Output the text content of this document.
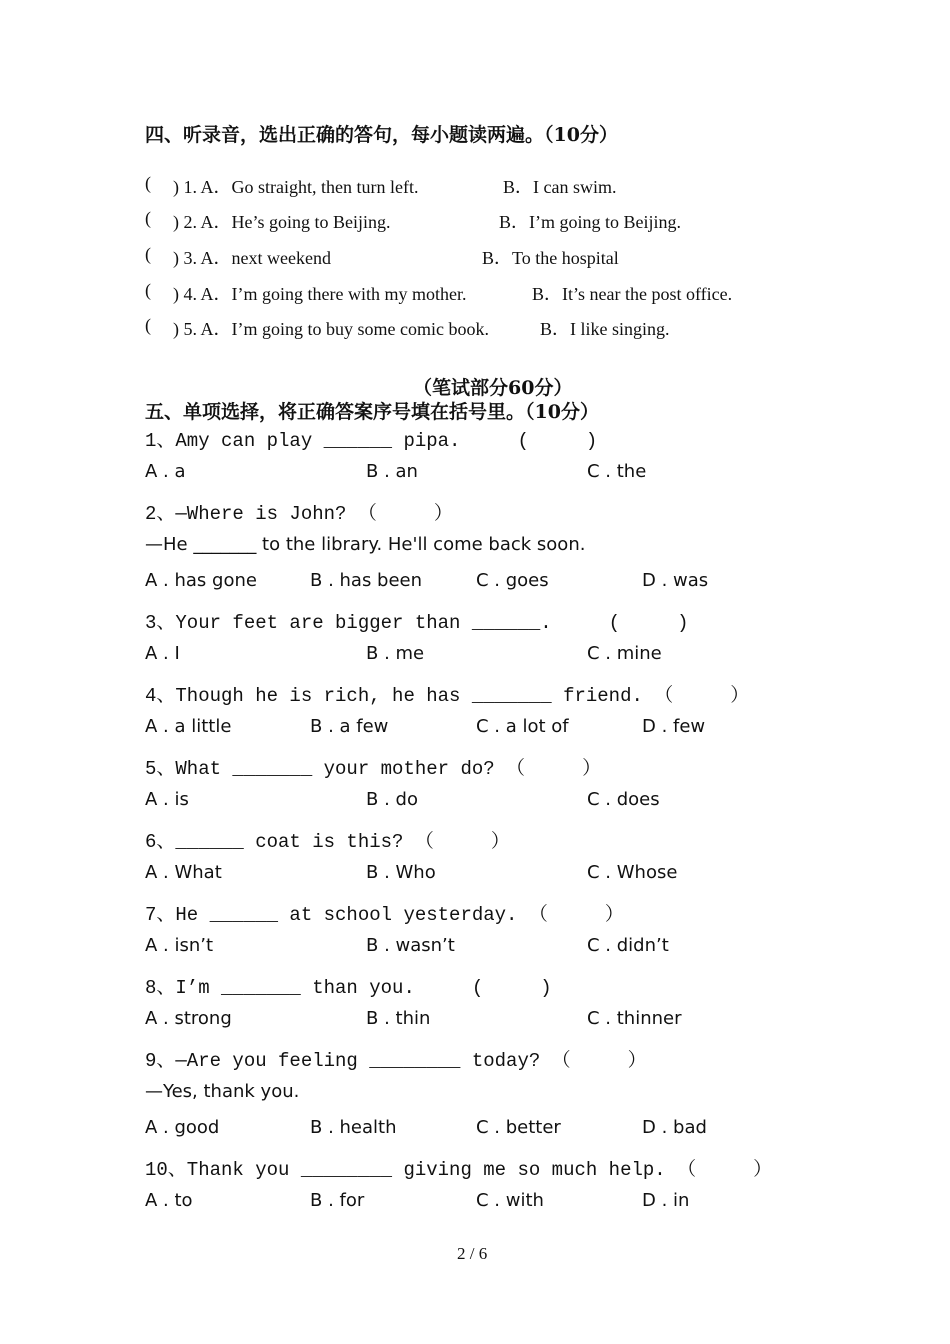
四、听录音，选出正确的答句，每小题读两遍。（10分）
( ) 1. A．Go straight, then turn left.	B．I can swim.
( ) 2. A．He’s going to Beijing.	B．I’m going to Beijing.
( ) 3. A．next weekend	B．To the hospital
( ) 4. A．I’m going there with my mother.	B．It’s near the post office.
( ) 5. A．I’m going to buy some comic book.	B．I like singing.
（笔试部分60分）
五、单项选择，将正确答案序号填在括号里。（10分）
1、Amy can play ______ pipa.     (     )
A . a	B . an	C . the
2、—Where is John? （     ）
—He _______ to the library. He'll come back soon.
A . has gone	B . has been	C . goes	D . was
3、Your feet are bigger than ______.     (     )
A . I	B . me	C . mine
4、Though he is rich, he has _______ friend. （     ）
A . a little	B . a few	C . a lot of	D . few
5、What _______ your mother do? （     ）
A . is	B . do	C . does
6、______ coat is this? （     ）
A . What	B . Who	C . Whose
7、He ______ at school yesterday. （     ）
A . isn’t	B . wasn’t	C . didn’t
8、I’m _______ than you.     (     )
A . strong	B . thin	C . thinner
9、—Are you feeling ________ today? （     ）
—Yes, thank you.
A . good	B . health	C . better	D . bad
10、Thank you ________ giving me so much help. （     ）
A . to	B . for	C . with	D . in
2 / 6
